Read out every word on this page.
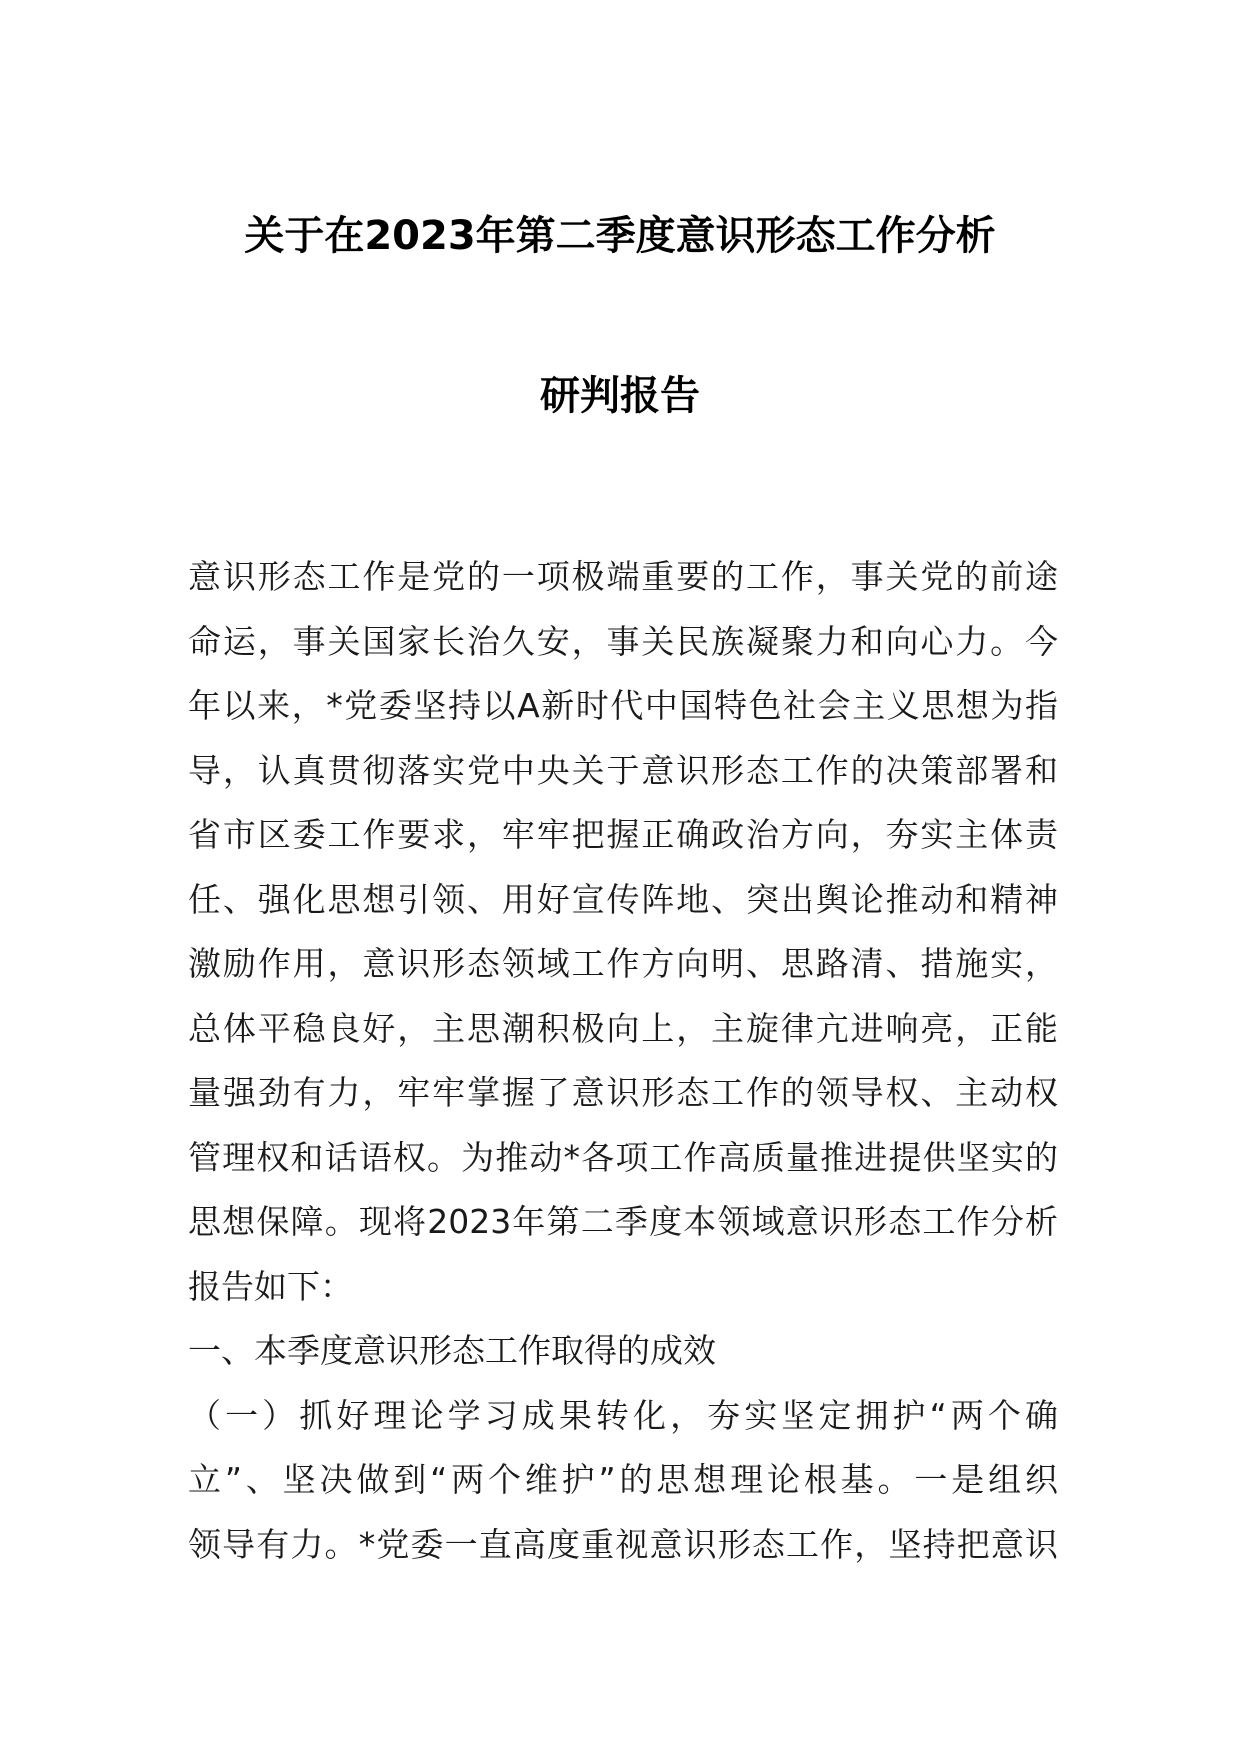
关于在2023年第二季度意识形态工作分析
研判报告
意识形态工作是党的一项极端重要的工作，事关党的前途
命运，事关国家长治久安，事关民族凝聚力和向心力。今
年以来，*党委坚持以A新时代中国特色社会主义思想为指
导，认真贯彻落实党中央关于意识形态工作的决策部署和
省市区委工作要求，牢牢把握正确政治方向，夯实主体责
任、强化思想引领、用好宣传阵地、突出舆论推动和精神
激励作用，意识形态领域工作方向明、思路清、措施实，
总体平稳良好，主思潮积极向上，主旋律亢进响亮，正能
量强劲有力，牢牢掌握了意识形态工作的领导权、主动权
管理权和话语权。为推动*各项工作高质量推进提供坚实的
思想保障。现将2023年第二季度本领域意识形态工作分析
报告如下：
一、本季度意识形态工作取得的成效
（一）抓好理论学习成果转化，夯实坚定拥护“两个确
立”、坚决做到“两个维护”的思想理论根基。一是组织
领导有力。*党委一直高度重视意识形态工作，坚持把意识
